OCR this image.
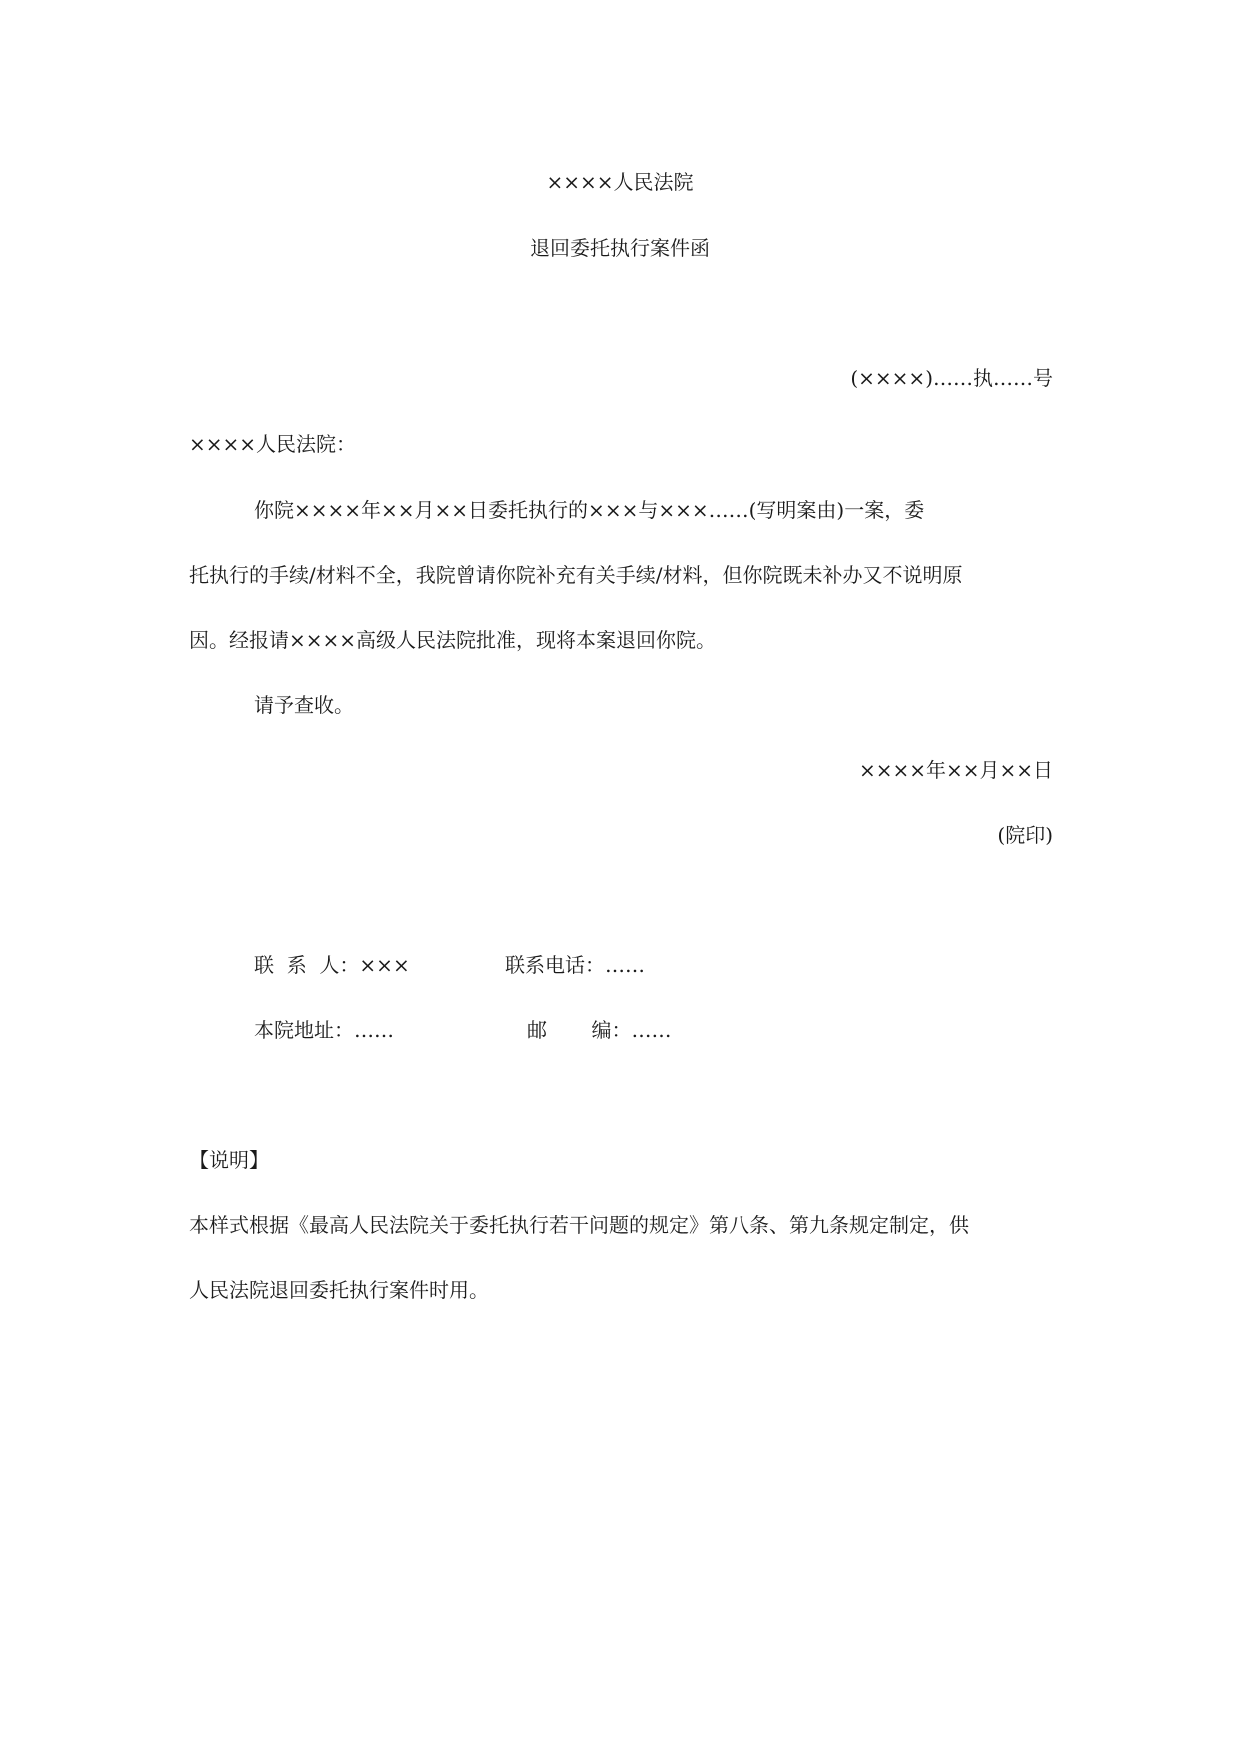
××××人民法院
退回委托执行案件函
(××××)……执……号
××××人民法院：
你院××××年××月××日委托执行的×××与×××……(写明案由)一案，委
托执行的手续/材料不全，我院曾请你院补充有关手续/材料，但你院既未补办又不说明原
因。经报请××××高级人民法院批准，现将本案退回你院。
请予查收。
××××年××月××日
(院印)
联  系  人：×××	联系电话：……
本院地址：……	邮       编：……
【说明】
本样式根据《最高人民法院关于委托执行若干问题的规定》第八条、第九条规定制定，供
人民法院退回委托执行案件时用。
